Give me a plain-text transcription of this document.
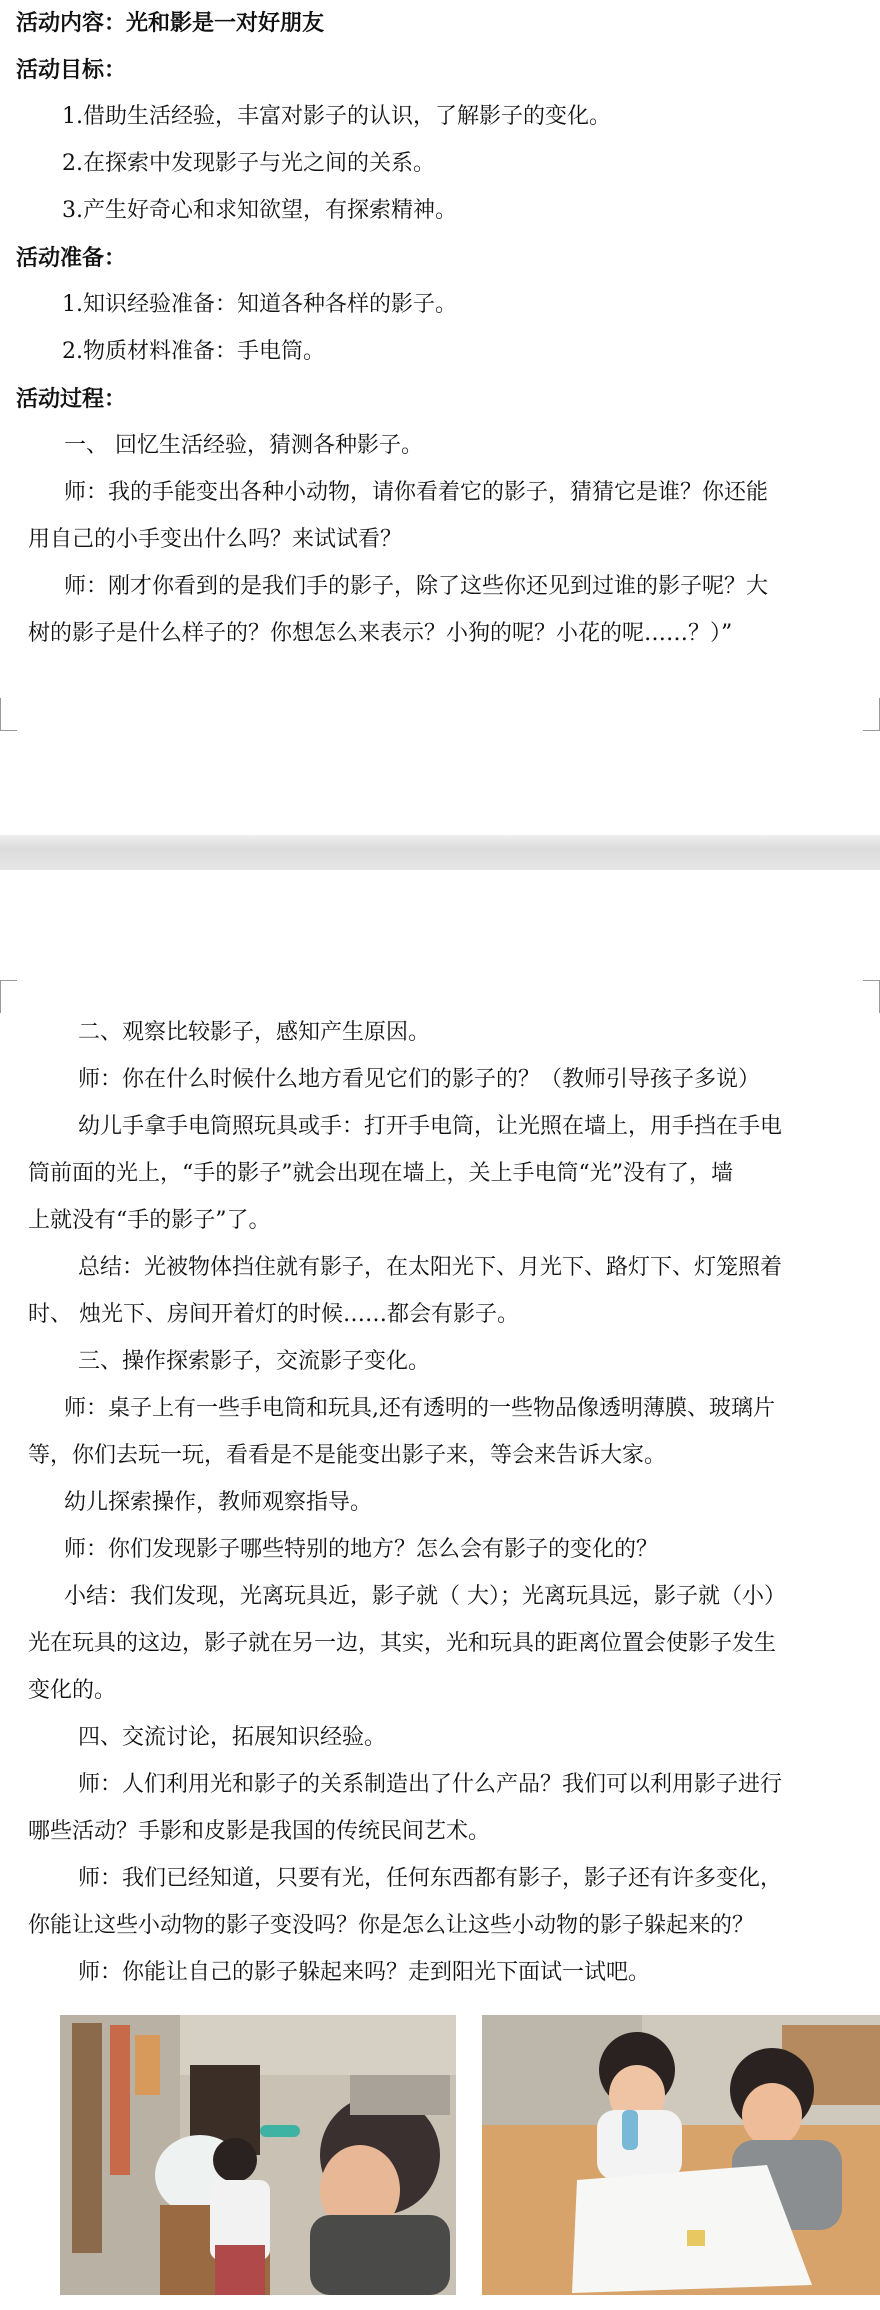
活动内容：光和影是一对好朋友
活动目标：
1.借助生活经验，丰富对影子的认识，了解影子的变化。
2.在探索中发现影子与光之间的关系。
3.产生好奇心和求知欲望，有探索精神。
活动准备：
1.知识经验准备：知道各种各样的影子。
2.物质材料准备：手电筒。
活动过程：
一、 回忆生活经验，猜测各种影子。
师：我的手能变出各种小动物，请你看着它的影子，猜猜它是谁？你还能
用自己的小手变出什么吗？来试试看？
师：刚才你看到的是我们手的影子，除了这些你还见到过谁的影子呢？大
树的影子是什么样子的？你想怎么来表示？小狗的呢？小花的呢……？）”
二、观察比较影子，感知产生原因。
师：你在什么时候什么地方看见它们的影子的？（教师引导孩子多说）
幼儿手拿手电筒照玩具或手：打开手电筒，让光照在墙上，用手挡在手电
筒前面的光上，“手的影子”就会出现在墙上，关上手电筒“光”没有了，墙
上就没有“手的影子”了。
总结：光被物体挡住就有影子，在太阳光下、月光下、路灯下、灯笼照着
时、 烛光下、房间开着灯的时候……都会有影子。
三、操作探索影子，交流影子变化。
师：桌子上有一些手电筒和玩具,还有透明的一些物品像透明薄膜、玻璃片
等，你们去玩一玩，看看是不是能变出影子来，等会来告诉大家。
幼儿探索操作，教师观察指导。
师：你们发现影子哪些特别的地方？怎么会有影子的变化的？
小结：我们发现，光离玩具近，影子就（ 大）；光离玩具远，影子就（小）
光在玩具的这边，影子就在另一边，其实，光和玩具的距离位置会使影子发生
变化的。
四、交流讨论，拓展知识经验。
师：人们利用光和影子的关系制造出了什么产品？我们可以利用影子进行
哪些活动？手影和皮影是我国的传统民间艺术。
师：我们已经知道，只要有光，任何东西都有影子，影子还有许多变化，
你能让这些小动物的影子变没吗？你是怎么让这些小动物的影子躲起来的？
师：你能让自己的影子躲起来吗？走到阳光下面试一试吧。
